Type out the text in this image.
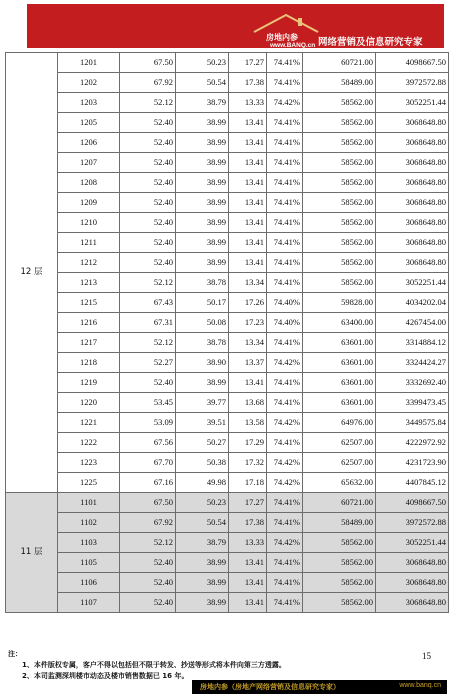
房地内参
www.BANQ.cn 网络营销及信息研究专家
12 层	1201	67.50	50.23	17.27	74.41%	60721.00	4098667.50
	1202	67.92	50.54	17.38	74.41%	58489.00	3972572.88
	1203	52.12	38.79	13.33	74.42%	58562.00	3052251.44
	1205	52.40	38.99	13.41	74.41%	58562.00	3068648.80
	1206	52.40	38.99	13.41	74.41%	58562.00	3068648.80
	1207	52.40	38.99	13.41	74.41%	58562.00	3068648.80
	1208	52.40	38.99	13.41	74.41%	58562.00	3068648.80
	1209	52.40	38.99	13.41	74.41%	58562.00	3068648.80
	1210	52.40	38.99	13.41	74.41%	58562.00	3068648.80
	1211	52.40	38.99	13.41	74.41%	58562.00	3068648.80
	1212	52.40	38.99	13.41	74.41%	58562.00	3068648.80
	1213	52.12	38.78	13.34	74.41%	58562.00	3052251.44
	1215	67.43	50.17	17.26	74.40%	59828.00	4034202.04
	1216	67.31	50.08	17.23	74.40%	63400.00	4267454.00
	1217	52.12	38.78	13.34	74.41%	63601.00	3314884.12
	1218	52.27	38.90	13.37	74.42%	63601.00	3324424.27
	1219	52.40	38.99	13.41	74.41%	63601.00	3332692.40
	1220	53.45	39.77	13.68	74.41%	63601.00	3399473.45
	1221	53.09	39.51	13.58	74.42%	64976.00	3449575.84
	1222	67.56	50.27	17.29	74.41%	62507.00	4222972.92
	1223	67.70	50.38	17.32	74.42%	62507.00	4231723.90
	1225	67.16	49.98	17.18	74.42%	65632.00	4407845.12
11 层	1101	67.50	50.23	17.27	74.41%	60721.00	4098667.50
	1102	67.92	50.54	17.38	74.41%	58489.00	3972572.88
	1103	52.12	38.79	13.33	74.42%	58562.00	3052251.44
	1105	52.40	38.99	13.41	74.41%	58562.00	3068648.80
	1106	52.40	38.99	13.41	74.41%	58562.00	3068648.80
	1107	52.40	38.99	13.41	74.41%	58562.00	3068648.80
注：
1、本件版权专属，客户不得以包括但不限于转发、抄送等形式将本件向第三方透露。
2、本司监测深圳楼市动态及楼市销售数据已 16 年。
15
房地内参（房地产网络营销及信息研究专家）	www.banq.cn
